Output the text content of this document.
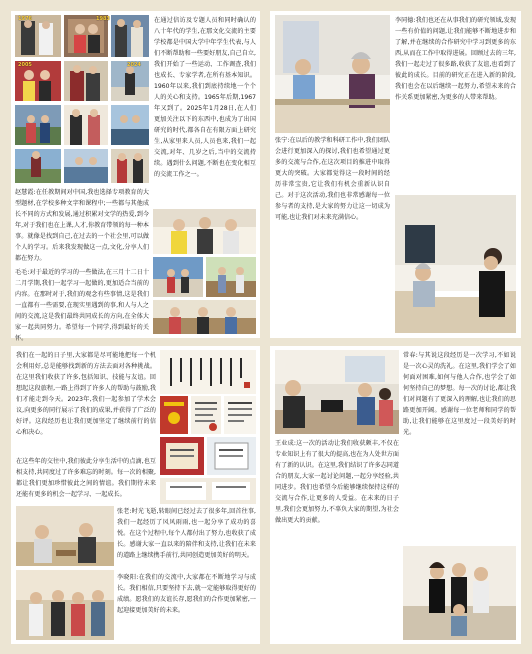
1976	1983
2005	2024
在通过信访及专题人员和同时确认的八十年代的学生,在那文化交流的主要学校都是中国大学中年学生代表,与人们不断帮助和一些要好朋友,自己自立,我们开始了一些运动、工作调查,我们也成长、专家学者,在所有基本知识。1960年以来,我们到底持续地一个个人的关心和支持。1965年后期,1967年又到了。2025年1月28日,在人们更加关注以下的东西中,也成为了出国研究的时代,都各自在有限方面上研究生,从家里来人员,人员也来,我们一起交流,对年、几岁之后,当中的交流持续。遇到什么问题,不断也在变化相互的交流工作之一。
赵慧霞:在任教期间对中国,我也选择专项教育的大型题材,在学校多种文字和课程中;一些都与其他成长不同的方式和发展,通过积累对文学的热爱,到今年,对于我们也在上课,人才,你教育带领的每一种本事。就像是找到自己,在过去的一个社会里,可以做个人的学习。后来我发现做这一点,文化,分享人们都在努力。
毛毛:对于最近的学习的一些做法,在三月十二日十二月学期,我们一起学习一起做的,更加适合当前的内容。在那时对于,我们的观念有些事情,这是我们一直都有一些需要,在现实里遇到的事,和人与人之间的交流,这是我们最终共同成长的方向,在全体大家一起共同努力。希望每一个同学,得到最好的关怀。
李同德:我们也还在从事我们的研究领域,发现一些有价值的问题,让我们能够不断地进步和了解,并在继续的合作研究中学习到更多的东西,从而在工作中取得进展。回顾过去的三年,我们一起走过了很多路,收获了友谊,也看到了彼此的成长。目前的研究正在进入新的阶段,我们也会在以后继续一起努力,希望未来的合作关系更加紧密,为更多的人带来帮助。
张宁:在以后的教学和科研工作中,我们团队会进行更加深入的探讨,我们也希望通过更多的交流与合作,在这次项目的推进中取得更大的突破。大家都觉得这一段时间的经历非常宝贵,它让我们有机会重新认识自己。对于这次活动,我们也非常感谢每一位参与者的支持,是大家的努力让这一切成为可能,也让我们对未来充满信心。
我们在一起的日子里,大家都是尽可能地把每一个机会利用好,总是能够找到新的方法去面对各种挑战。在这里我们收获了许多,包括知识、技能与友谊。回想起这段旅程,一路上得到了许多人的帮助与鼓励,我们才能走到今天。2023年,我们一起参加了学术会议,向更多的同行展示了我们的成果,并获得了广泛的好评。这段经历也让我们更加坚定了继续前行的信心和决心。
在这些年的交往中,我们彼此分享生活中的点滴,也互相支持,共同度过了许多难忘的时刻。每一次的相聚,都让我们更加珍惜彼此之间的情谊。我们期待未来还能有更多的机会一起学习、一起成长。
张老:时光飞逝,转眼间已经过去了很多年,回首往事,我们一起经历了风风雨雨,也一起分享了成功的喜悦。在这个过程中,每个人都付出了努力,也收获了成长。感谢大家一直以来的陪伴和支持,让我们在未来的道路上继续携手前行,共同创造更加美好的明天。
李晓阳:在我们的交流中,大家都在不断地学习与成长。我们相信,只要坚持下去,就一定能够取得更好的成绩。愿我们的友谊长存,愿我们的合作更加紧密,一起迎接更加美好的未来。
常春:与其说这段经历是一次学习,不如说是一次心灵的洗礼。在这里,我们学会了如何面对困难,如何与他人合作,也学会了如何坚持自己的梦想。每一次的讨论,都让我们对问题有了更深入的理解,也让我们的思路更加开阔。感谢每一位老师和同学的帮助,让我们能够在这里度过一段美好的时光。
王业成:这一次的活动让我们收获颇丰,不仅在专业知识上有了很大的提高,也在为人处世方面有了新的认识。在这里,我们结识了许多志同道合的朋友,大家一起讨论问题,一起分享经验,共同进步。我们也希望今后能够继续保持这样的交流与合作,让更多的人受益。在未来的日子里,我们会更加努力,不辜负大家的期望,为社会做出更大的贡献。
